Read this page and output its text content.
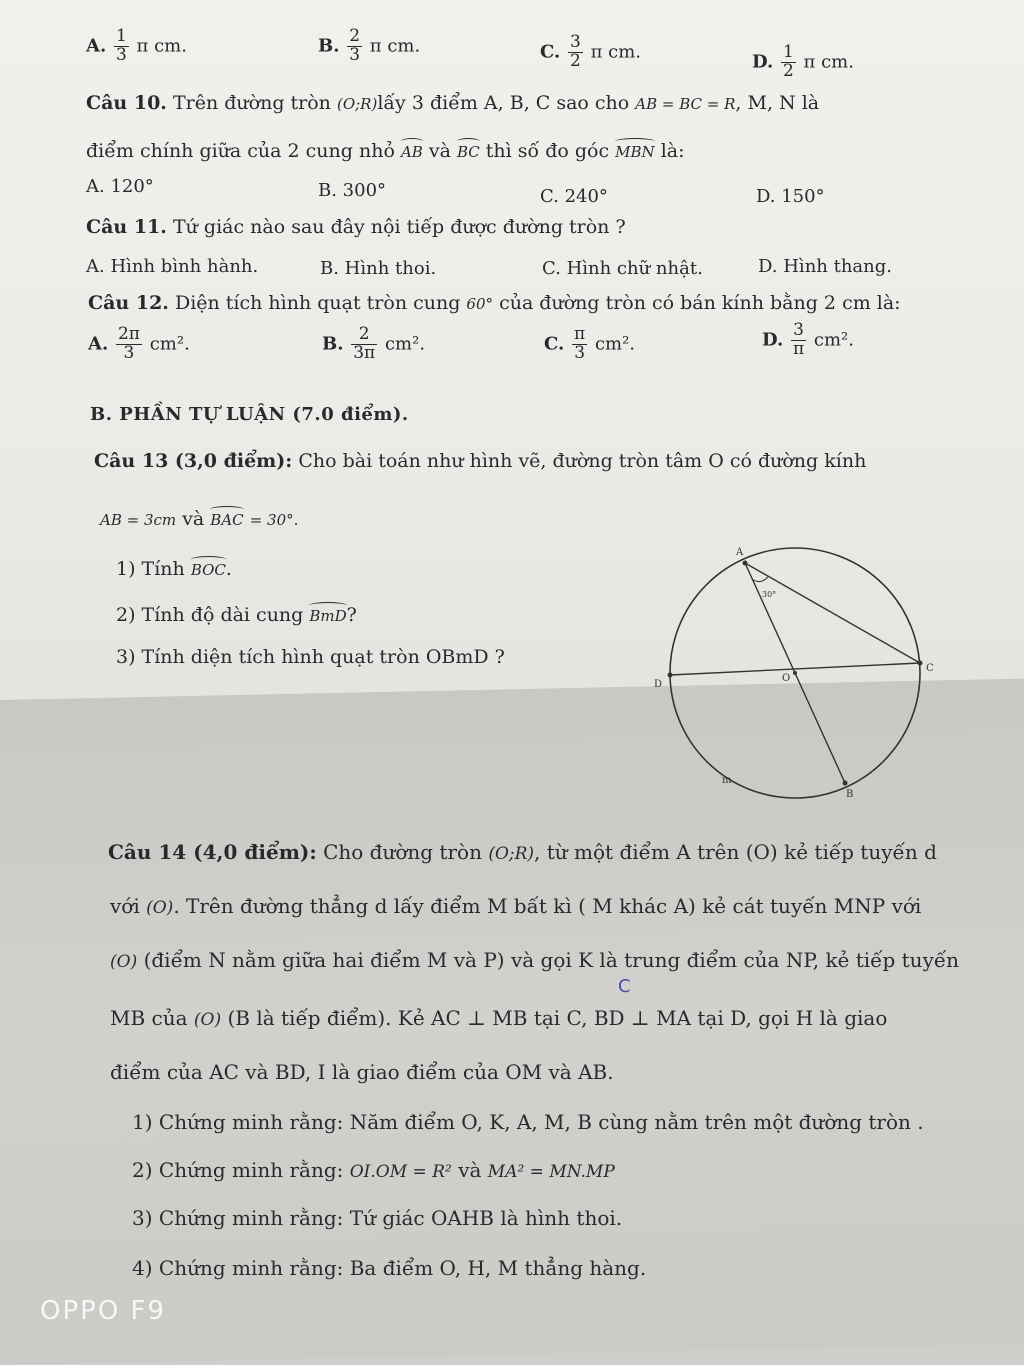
A. $\frac{1}{3}$ π cm.	B. $\frac{2}{3}$ π cm.	C. $\frac{3}{2}$ π cm.	D. $\frac{1}{2}$ π cm.
Câu 10. Trên đường tròn (O;R)lấy 3 điểm A, B, C sao cho AB = BC = R, M, N là
điểm chính giữa của 2 cung nhỏ AB và BC thì số đo góc MBN là:
A. 120°	B. 300°	C. 240°	D. 150°
Câu 11. Tứ giác nào sau đây nội tiếp được đường tròn ?
A. Hình bình hành.	B. Hình thoi.	C. Hình chữ nhật.	D. Hình thang.
Câu 12. Diện tích hình quạt tròn cung 60° của đường tròn có bán kính bằng 2 cm là:
A. $\frac{2\pi}{3} cm^2$.	B. $\frac{2}{3\pi} cm^2$.	C. $\frac{\pi}{3} cm^2$.	D. $\frac{3}{\pi} cm^2$.
B. PHẦN TỰ LUẬN (7.0 điểm).
Câu 13 (3,0 điểm): Cho bài toán như hình vẽ, đường tròn tâm O có đường kính
AB = 3cm và BAC = 30°.
1) Tính BOC.
2) Tính độ dài cung BmD?
3) Tính diện tích hình quạt tròn OBmD ?
A
C
D
O
B
m
30°
Câu 14 (4,0 điểm): Cho đường tròn (O;R), từ một điểm A trên (O) kẻ tiếp tuyến d
với (O). Trên đường thẳng d lấy điểm M bất kì ( M khác A) kẻ cát tuyến MNP với
(O) (điểm N nằm giữa hai điểm M và P) và gọi K là trung điểm của NP, kẻ tiếp tuyến
C
MB của (O) (B là tiếp điểm). Kẻ AC ⊥ MB tại C, BD ⊥ MA tại D, gọi H là giao
điểm của AC và BD, I là giao điểm của OM và AB.
1) Chứng minh rằng: Năm điểm O, K, A, M, B cùng nằm trên một đường tròn .
2) Chứng minh rằng: OI.OM = R² và MA² = MN.MP
3) Chứng minh rằng: Tứ giác OAHB là hình thoi.
4) Chứng minh rằng: Ba điểm O, H, M thẳng hàng.
OPPO F9
